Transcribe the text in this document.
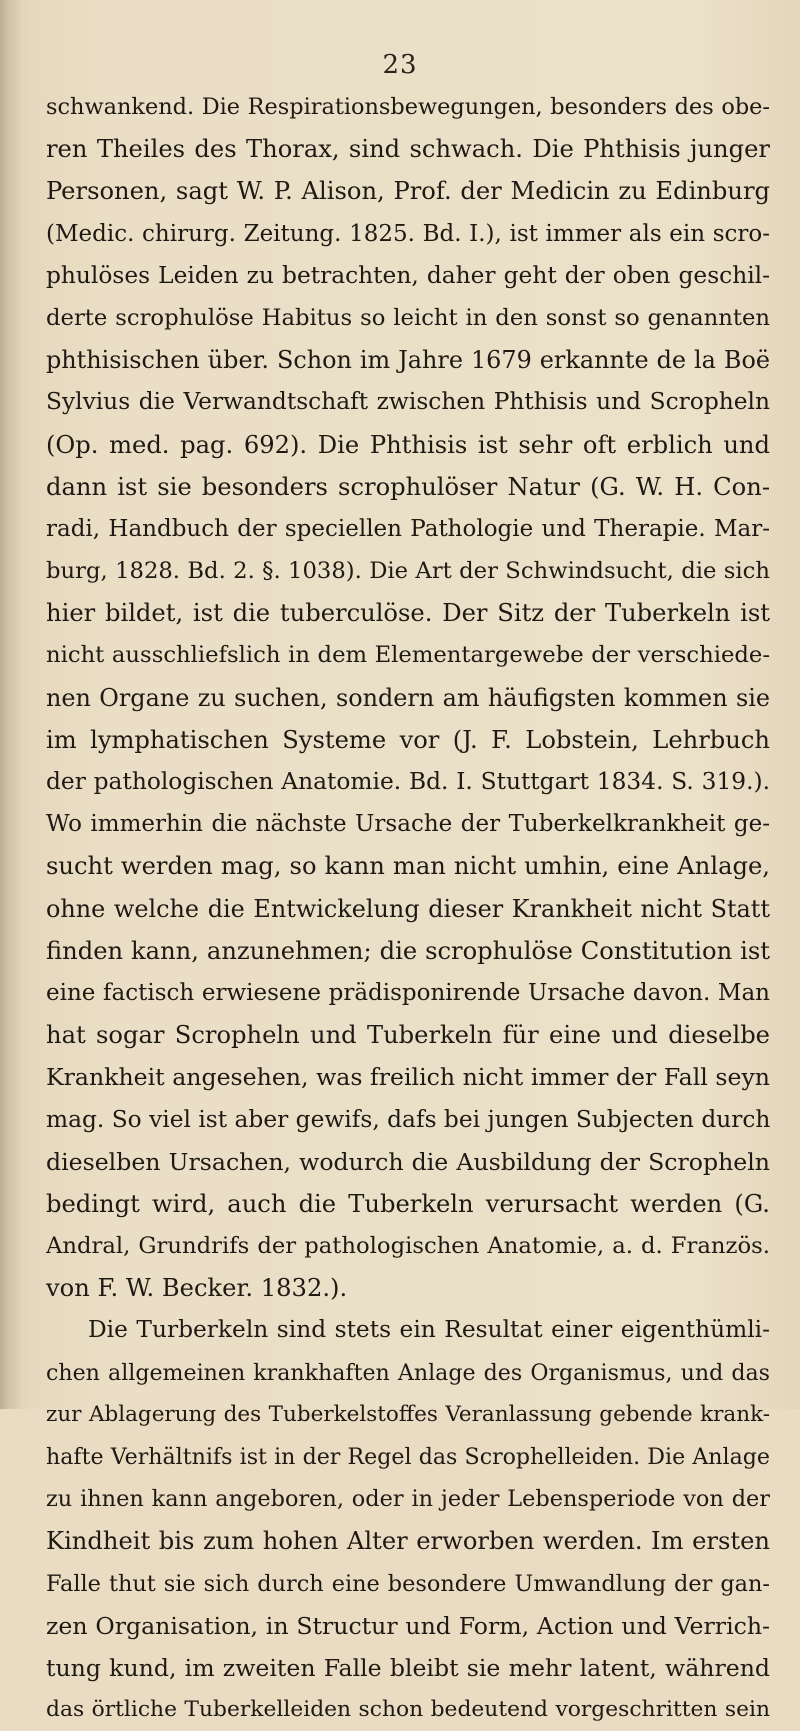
23
schwankend. Die Respirationsbewegungen, besonders des obe-
ren Theiles des Thorax, sind schwach. Die Phthisis junger
Personen, sagt W. P. Alison, Prof. der Medicin zu Edinburg
(Medic. chirurg. Zeitung. 1825. Bd. I.), ist immer als ein scro-
phulöses Leiden zu betrachten, daher geht der oben geschil-
derte scrophulöse Habitus so leicht in den sonst so genannten
phthisischen über. Schon im Jahre 1679 erkannte de la Boë
Sylvius die Verwandtschaft zwischen Phthisis und Scropheln
(Op. med. pag. 692). Die Phthisis ist sehr oft erblich und
dann ist sie besonders scrophulöser Natur (G. W. H. Con-
radi, Handbuch der speciellen Pathologie und Therapie. Mar-
burg, 1828. Bd. 2. §. 1038). Die Art der Schwindsucht, die sich
hier bildet, ist die tuberculöse. Der Sitz der Tuberkeln ist
nicht ausschliefslich in dem Elementargewebe der verschiede-
nen Organe zu suchen, sondern am häufigsten kommen sie
im lymphatischen Systeme vor (J. F. Lobstein, Lehrbuch
der pathologischen Anatomie. Bd. I. Stuttgart 1834. S. 319.).
Wo immerhin die nächste Ursache der Tuberkelkrankheit ge-
sucht werden mag, so kann man nicht umhin, eine Anlage,
ohne welche die Entwickelung dieser Krankheit nicht Statt
finden kann, anzunehmen; die scrophulöse Constitution ist
eine factisch erwiesene prädisponirende Ursache davon. Man
hat sogar Scropheln und Tuberkeln für eine und dieselbe
Krankheit angesehen, was freilich nicht immer der Fall seyn
mag. So viel ist aber gewifs, dafs bei jungen Subjecten durch
dieselben Ursachen, wodurch die Ausbildung der Scropheln
bedingt wird, auch die Tuberkeln verursacht werden (G.
Andral, Grundrifs der pathologischen Anatomie, a. d. Französ.
von F. W. Becker. 1832.).
Die Turberkeln sind stets ein Resultat einer eigenthümli-
chen allgemeinen krankhaften Anlage des Organismus, und das
zur Ablagerung des Tuberkelstoffes Veranlassung gebende krank-
hafte Verhältnifs ist in der Regel das Scrophelleiden. Die Anlage
zu ihnen kann angeboren, oder in jeder Lebensperiode von der
Kindheit bis zum hohen Alter erworben werden. Im ersten
Falle thut sie sich durch eine besondere Umwandlung der gan-
zen Organisation, in Structur und Form, Action und Verrich-
tung kund, im zweiten Falle bleibt sie mehr latent, während
das örtliche Tuberkelleiden schon bedeutend vorgeschritten sein
